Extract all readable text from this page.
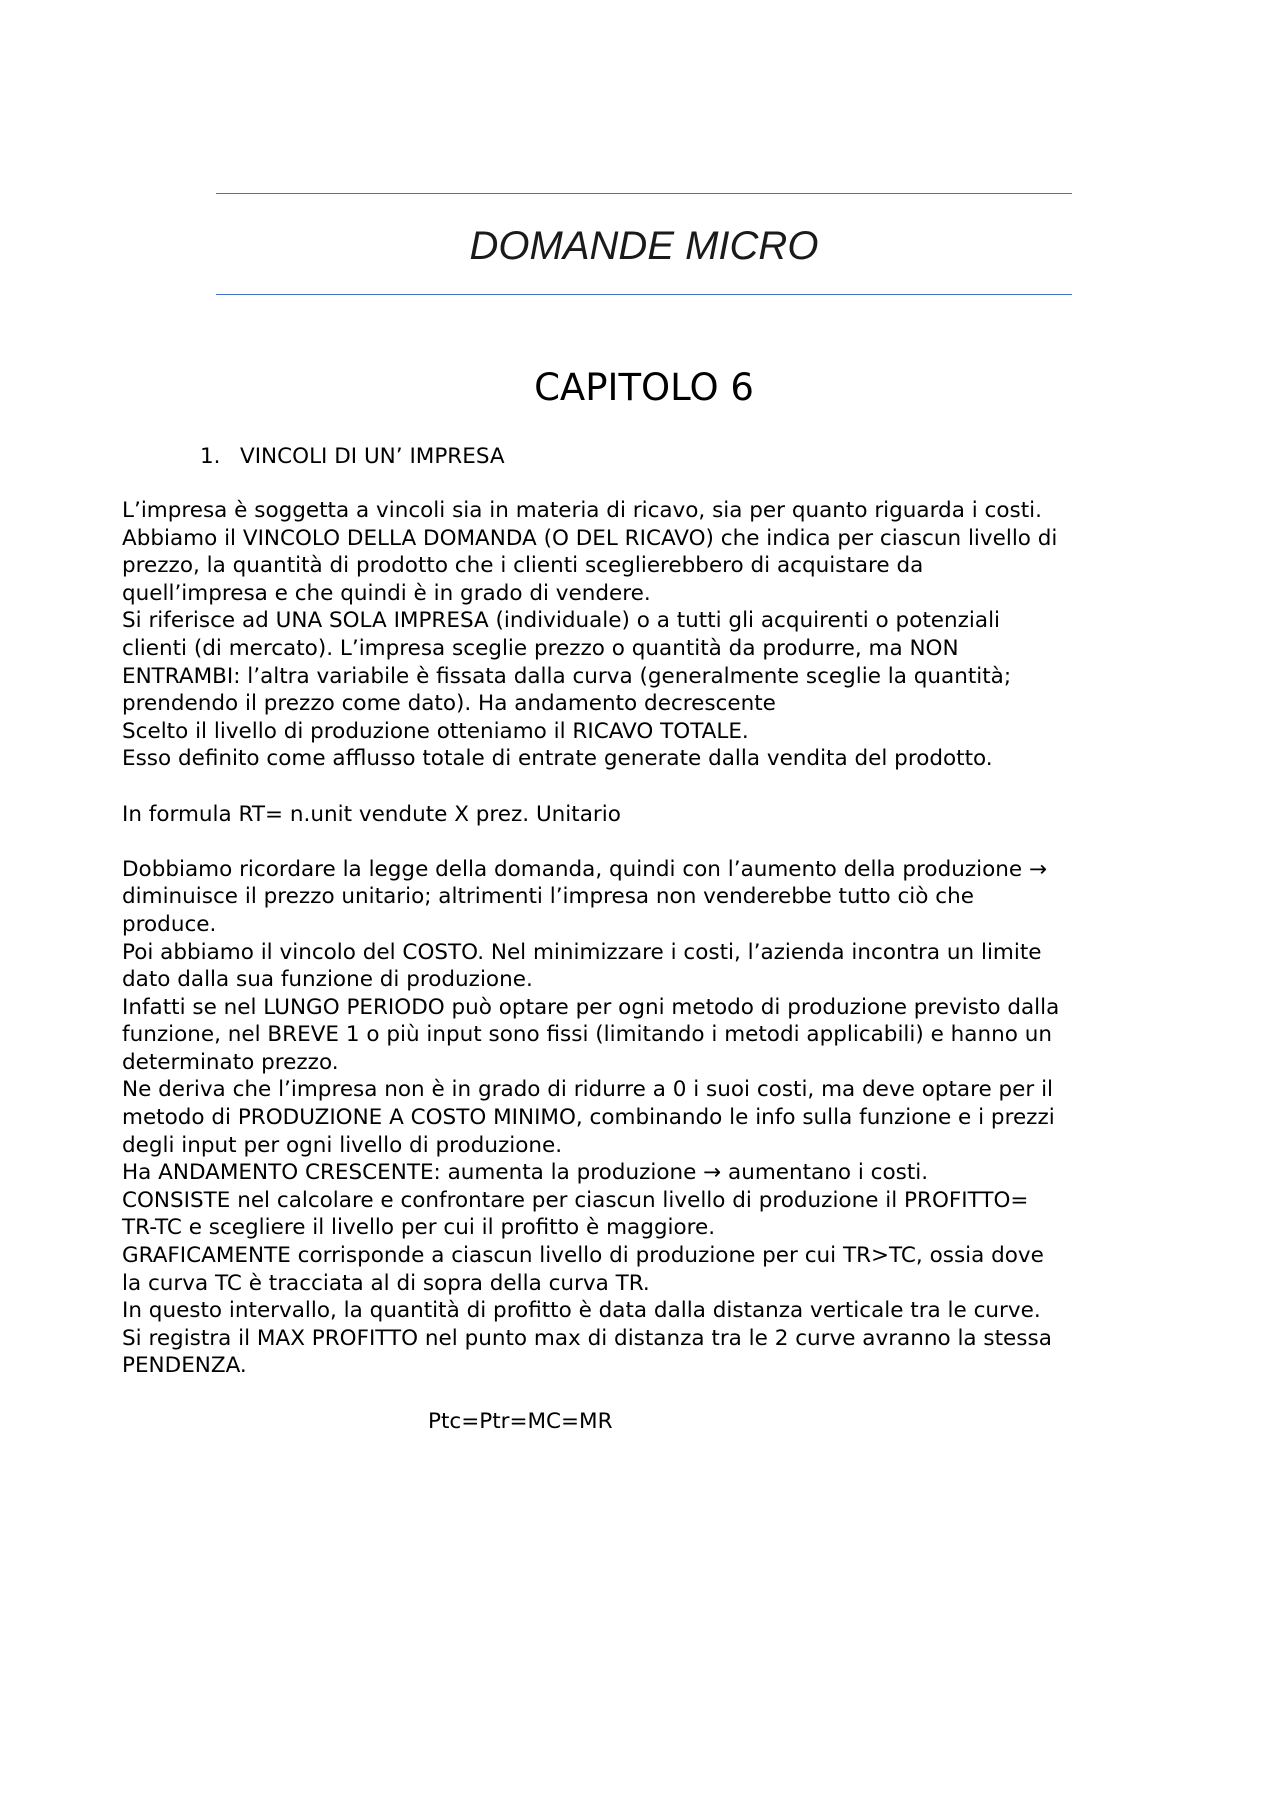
DOMANDE MICRO
CAPITOLO 6
1. VINCOLI DI UN’ IMPRESA
L’impresa è soggetta a vincoli sia in materia di ricavo, sia per quanto riguarda i costi.
Abbiamo il VINCOLO DELLA DOMANDA (O DEL RICAVO) che indica per ciascun livello di
prezzo, la quantità di prodotto che i clienti sceglierebbero di acquistare da
quell’impresa e che quindi è in grado di vendere.
Si riferisce ad UNA SOLA IMPRESA (individuale) o a tutti gli acquirenti o potenziali
clienti (di mercato). L’impresa sceglie prezzo o quantità da produrre, ma NON
ENTRAMBI: l’altra variabile è fissata dalla curva (generalmente sceglie la quantità;
prendendo il prezzo come dato). Ha andamento decrescente
Scelto il livello di produzione otteniamo il RICAVO TOTALE.
Esso definito come afflusso totale di entrate generate dalla vendita del prodotto.
In formula RT= n.unit vendute X prez. Unitario
Dobbiamo ricordare la legge della domanda, quindi con l’aumento della produzione →
diminuisce il prezzo unitario; altrimenti l’impresa non venderebbe tutto ciò che
produce.
Poi abbiamo il vincolo del COSTO. Nel minimizzare i costi, l’azienda incontra un limite
dato dalla sua funzione di produzione.
Infatti se nel LUNGO PERIODO può optare per ogni metodo di produzione previsto dalla
funzione, nel BREVE 1 o più input sono fissi (limitando i metodi applicabili) e hanno un
determinato prezzo.
Ne deriva che l’impresa non è in grado di ridurre a 0 i suoi costi, ma deve optare per il
metodo di PRODUZIONE A COSTO MINIMO, combinando le info sulla funzione e i prezzi
degli input per ogni livello di produzione.
Ha ANDAMENTO CRESCENTE: aumenta la produzione → aumentano i costi.
CONSISTE nel calcolare e confrontare per ciascun livello di produzione il PROFITTO=
TR-TC e scegliere il livello per cui il profitto è maggiore.
GRAFICAMENTE corrisponde a ciascun livello di produzione per cui TR>TC, ossia dove
la curva TC è tracciata al di sopra della curva TR.
In questo intervallo, la quantità di profitto è data dalla distanza verticale tra le curve.
Si registra il MAX PROFITTO nel punto max di distanza tra le 2 curve avranno la stessa
PENDENZA.
Ptc=Ptr=MC=MR
